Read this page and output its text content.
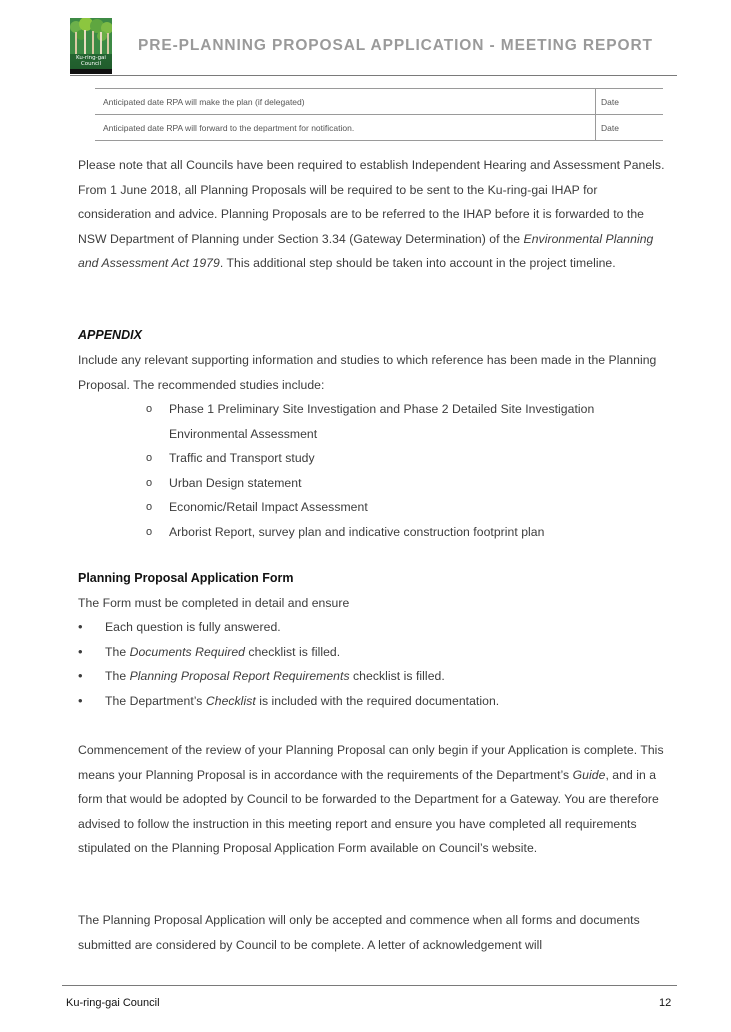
Ku-ring-gai
Council
PRE-PLANNING PROPOSAL APPLICATION - MEETING REPORT
Anticipated date RPA will make the plan (if delegated)	Date
Anticipated date RPA will forward to the department for notification.	Date

Please note that all Councils have been required to establish Independent Hearing and Assessment Panels. From 1 June 2018, all Planning Proposals will be required to be sent to the Ku-ring-gai IHAP for consideration and advice. Planning Proposals are to be referred to the IHAP before it is forwarded to the NSW Department of Planning under Section 3.34 (Gateway Determination) of the Environmental Planning and Assessment Act 1979. This additional step should be taken into account in the project timeline.

APPENDIX

Include any relevant supporting information and studies to which reference has been made in the Planning Proposal. The recommended studies include:

o Phase 1 Preliminary Site Investigation and Phase 2 Detailed Site Investigation Environmental Assessment
o Traffic and Transport study
o Urban Design statement
o Economic/Retail Impact Assessment
o Arborist Report, survey plan and indicative construction footprint plan

Planning Proposal Application Form

The Form must be completed in detail and ensure

• Each question is fully answered.
• The Documents Required checklist is filled.
• The Planning Proposal Report Requirements checklist is filled.
• The Department’s Checklist is included with the required documentation.

Commencement of the review of your Planning Proposal can only begin if your Application is complete. This means your Planning Proposal is in accordance with the requirements of the Department’s Guide, and in a form that would be adopted by Council to be forwarded to the Department for a Gateway. You are therefore advised to follow the instruction in this meeting report and ensure you have completed all requirements stipulated on the Planning Proposal Application Form available on Council’s website.

The Planning Proposal Application will only be accepted and commence when all forms and documents submitted are considered by Council to be complete. A letter of acknowledgement will

Ku-ring-gai Council	12
